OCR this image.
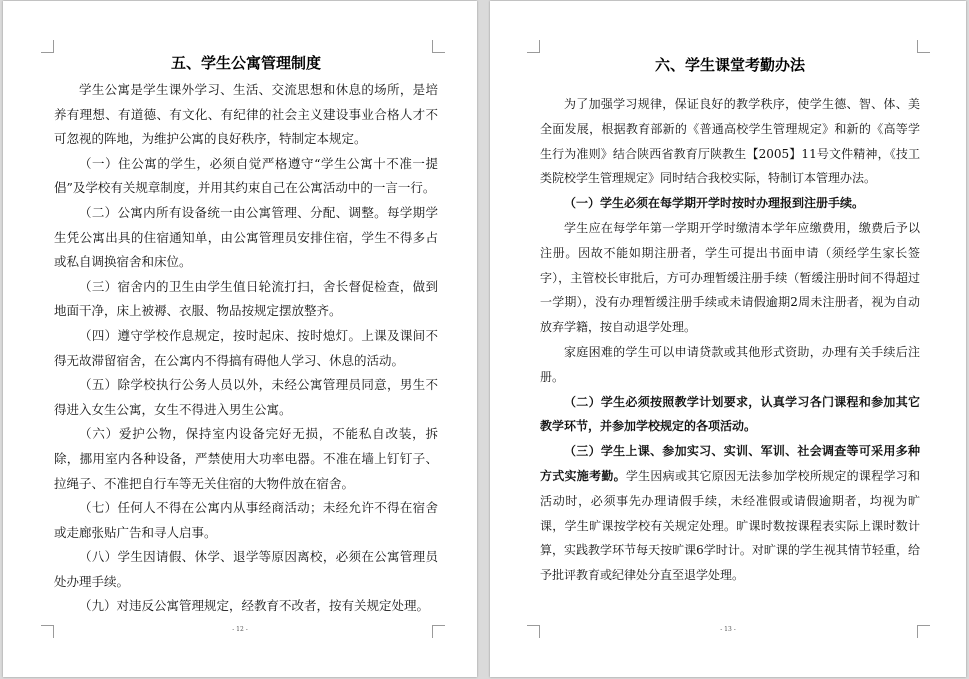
五、学生公寓管理制度

学生公寓是学生课外学习、生活、交流思想和休息的场所，是培养有理想、有道德、有文化、有纪律的社会主义建设事业合格人才不可忽视的阵地，为维护公寓的良好秩序，特制定本规定。

（一）住公寓的学生，必须自觉严格遵守“学生公寓十不准一提倡”及学校有关规章制度，并用其约束自己在公寓活动中的一言一行。

（二）公寓内所有设备统一由公寓管理、分配、调整。每学期学生凭公寓出具的住宿通知单，由公寓管理员安排住宿，学生不得多占或私自调换宿舍和床位。

（三）宿舍内的卫生由学生值日轮流打扫，舍长督促检查，做到地面干净，床上被褥、衣服、物品按规定摆放整齐。

（四）遵守学校作息规定，按时起床、按时熄灯。上课及课间不得无故滞留宿舍，在公寓内不得搞有碍他人学习、休息的活动。

（五）除学校执行公务人员以外，未经公寓管理员同意，男生不得进入女生公寓，女生不得进入男生公寓。

（六）爱护公物，保持室内设备完好无损，不能私自改装，拆除，挪用室内各种设备，严禁使用大功率电器。不准在墙上钉钉子、拉绳子、不准把自行车等无关住宿的大物件放在宿舍。

（七）任何人不得在公寓内从事经商活动；未经允许不得在宿舍或走廊张贴广告和寻人启事。

（八）学生因请假、休学、退学等原因离校，必须在公寓管理员处办理手续。

（九）对违反公寓管理规定，经教育不改者，按有关规定处理。

- 12 -
六、学生课堂考勤办法

为了加强学习规律，保证良好的教学秩序，使学生德、智、体、美全面发展，根据教育部新的《普通高校学生管理规定》和新的《高等学生行为准则》结合陕西省教育厅陕教生【2005】11号文件精神，《技工类院校学生管理规定》同时结合我校实际，特制订本管理办法。

（一）学生必须在每学期开学时按时办理报到注册手续。

学生应在每学年第一学期开学时缴清本学年应缴费用，缴费后予以注册。因故不能如期注册者，学生可提出书面申请（须经学生家长签字），主管校长审批后，方可办理暂缓注册手续（暂缓注册时间不得超过一学期），没有办理暂缓注册手续或未请假逾期2周未注册者，视为自动放弃学籍，按自动退学处理。

家庭困难的学生可以申请贷款或其他形式资助，办理有关手续后注册。

（二）学生必须按照教学计划要求，认真学习各门课程和参加其它教学环节，并参加学校规定的各项活动。

（三）学生上课、参加实习、实训、军训、社会调查等可采用多种方式实施考勤。学生因病或其它原因无法参加学校所规定的课程学习和活动时，必须事先办理请假手续，未经准假或请假逾期者，均视为旷课，学生旷课按学校有关规定处理。旷课时数按课程表实际上课时数计算，实践教学环节每天按旷课6学时计。对旷课的学生视其情节轻重，给予批评教育或纪律处分直至退学处理。

- 13 -
